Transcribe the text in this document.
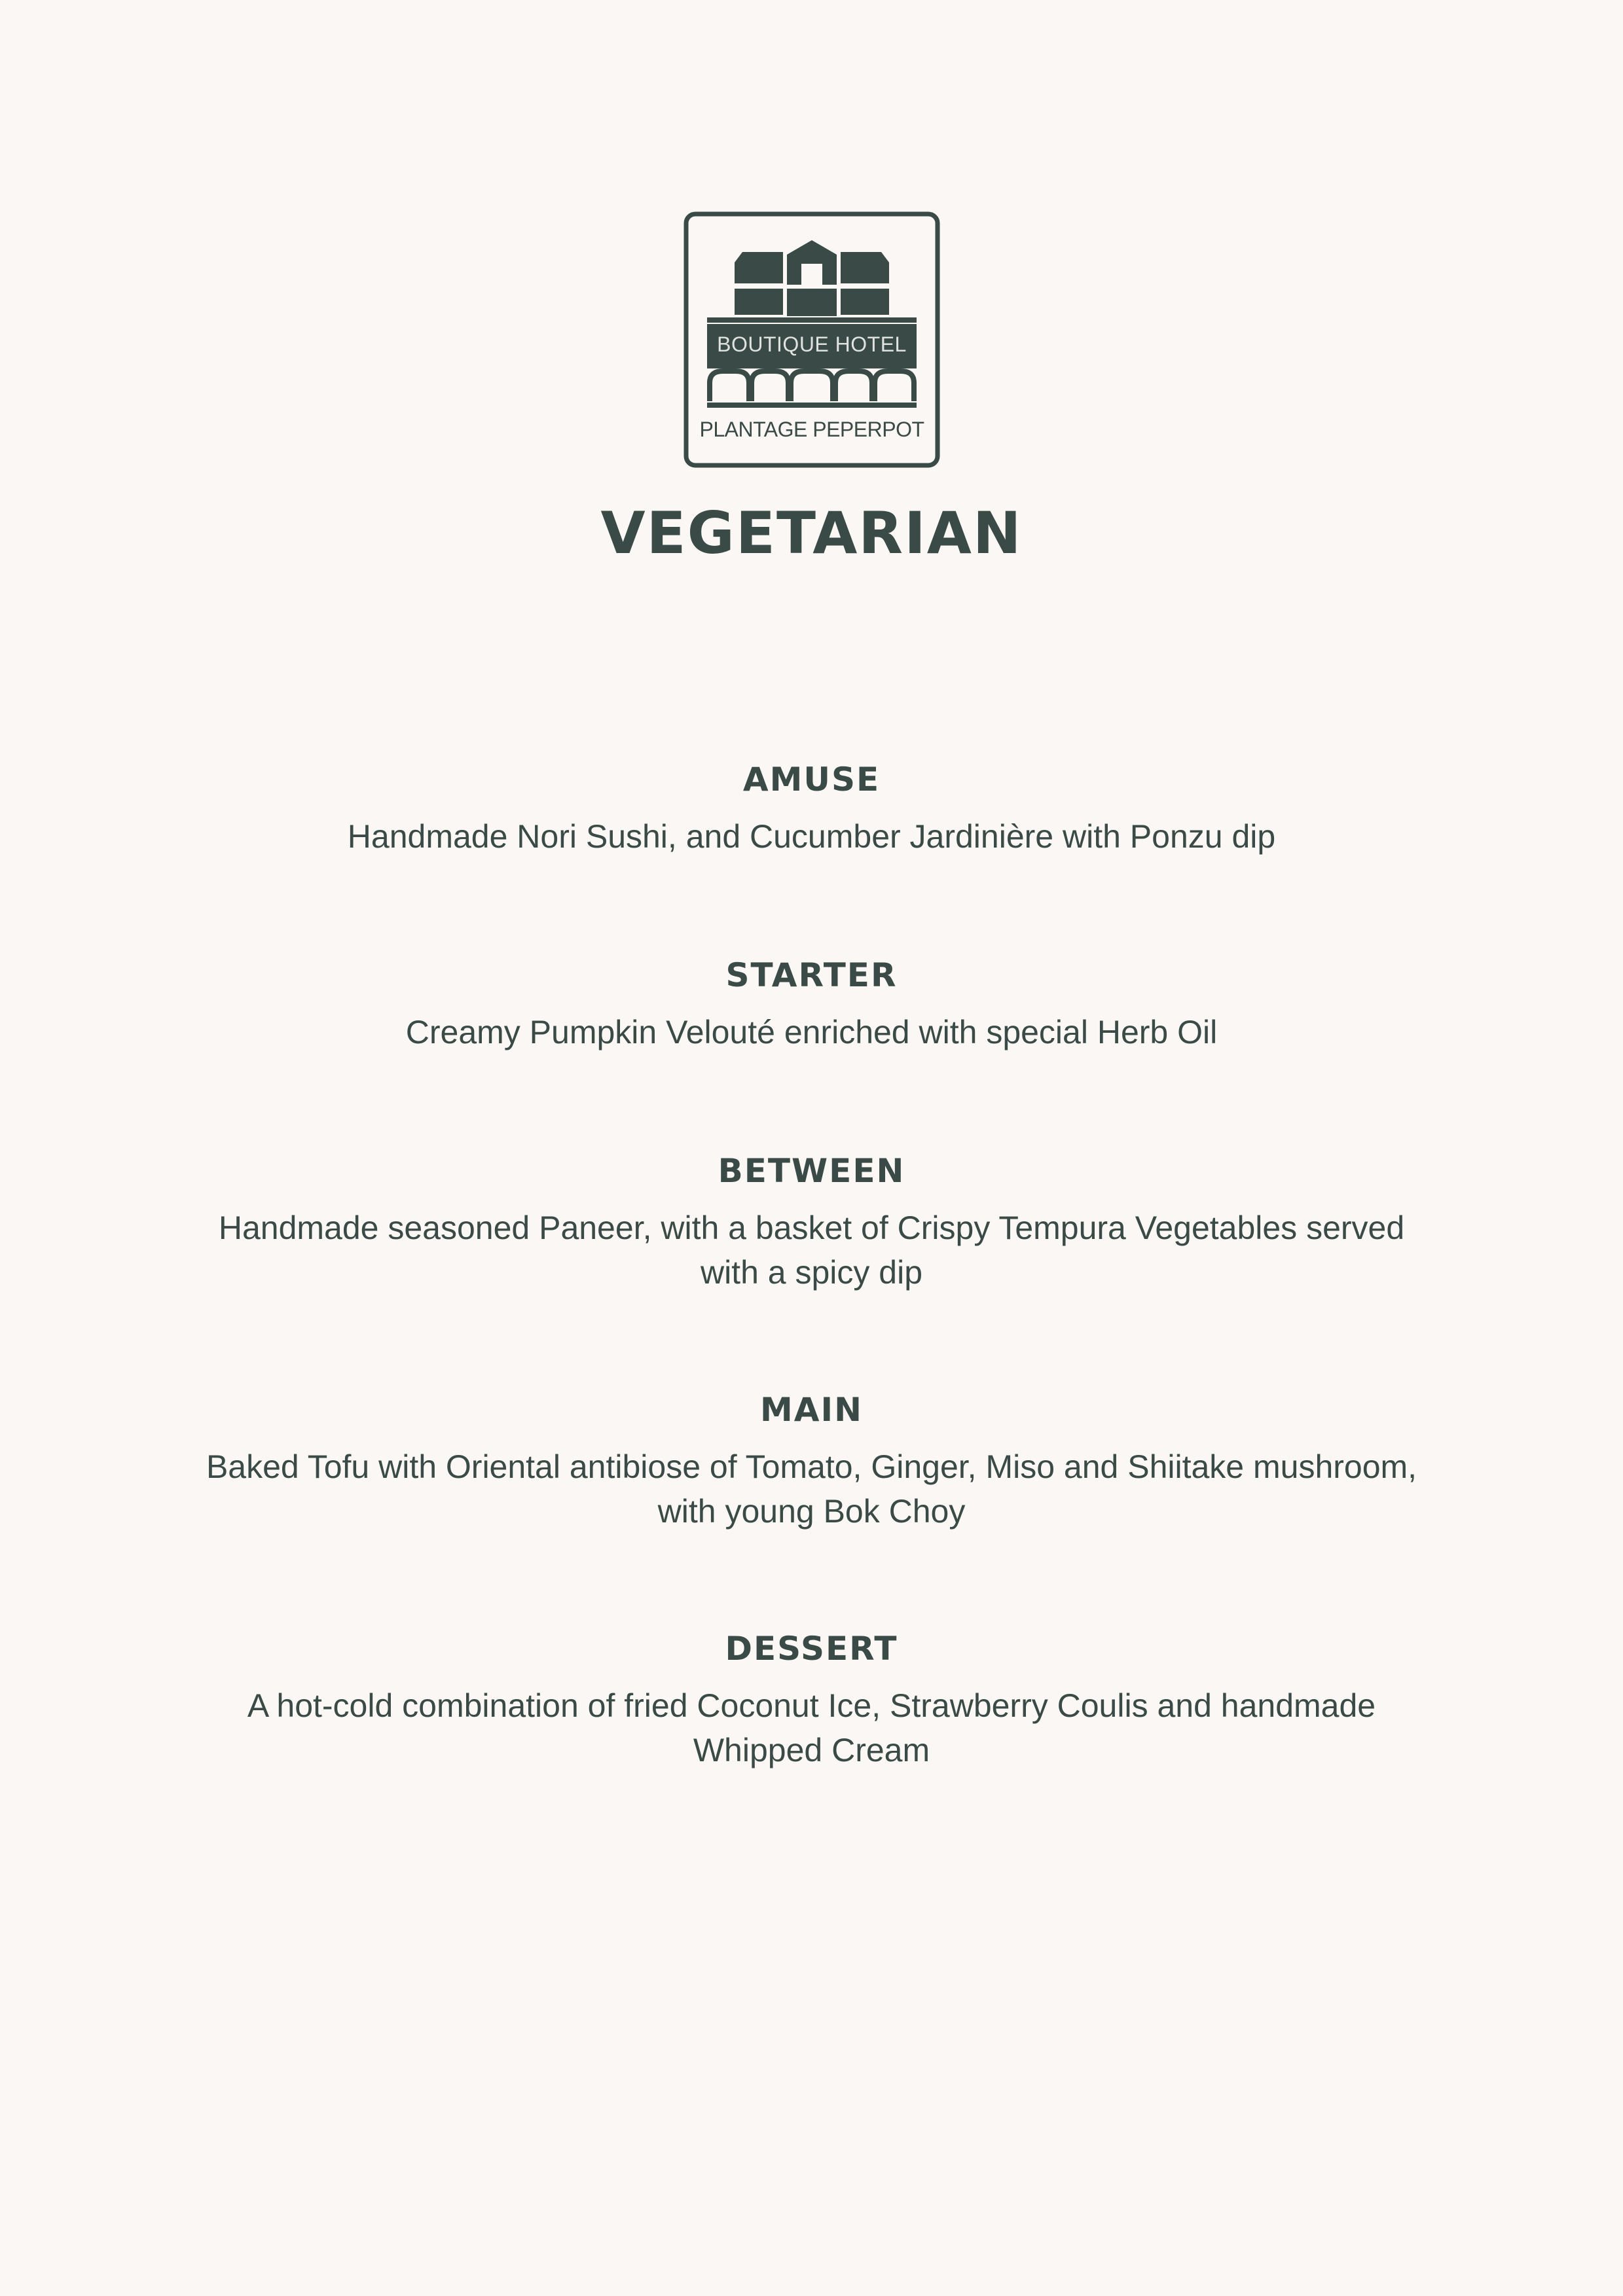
BOUTIQUE HOTEL
PLANTAGE PEPERPOT
VEGETARIAN
AMUSE

Handmade Nori Sushi, and Cucumber Jardinière with Ponzu dip

STARTER

Creamy Pumpkin Velouté enriched with special Herb Oil

BETWEEN

Handmade seasoned Paneer, with a basket of Crispy Tempura Vegetables served with a spicy dip

MAIN

Baked Tofu with Oriental antibiose of Tomato, Ginger, Miso and Shiitake mushroom, with young Bok Choy

DESSERT

A hot-cold combination of fried Coconut Ice, Strawberry Coulis and handmade Whipped Cream
